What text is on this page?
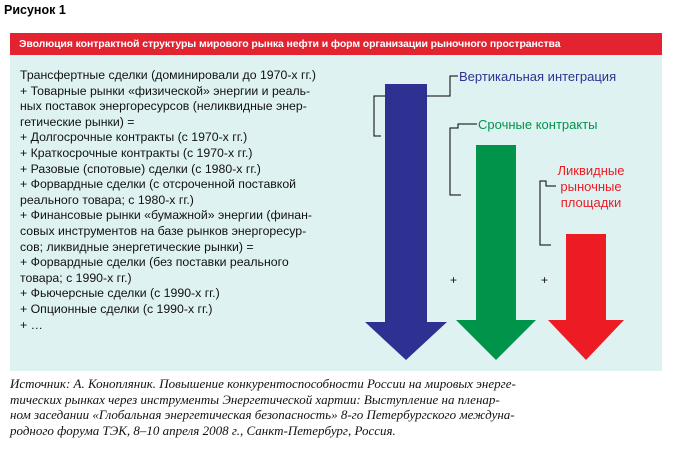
Рисунок 1
Эволюция контрактной структуры мирового рынка нефти и форм организации рыночного пространства
Трансфертные сделки (доминировали до 1970-х гг.)
+ Товарные рынки «физической» энергии и реаль-
ных поставок энергоресурсов (неликвидные энер-
гетические рынки) =
+ Долгосрочные контракты (с 1970-х гг.)
+ Краткосрочные контракты (с 1970-х гг.)
+ Разовые (спотовые) сделки (с 1980-х гг.)
+ Форвардные сделки (с отсроченной поставкой
реального товара; с 1980-х гг.)
+ Финансовые рынки «бумажной» энергии (финан-
совых инструментов на базе рынков энергоресур-
сов; ликвидные энергетические рынки) =
+ Форвардные сделки (без поставки реального
товара; с 1990-х гг.)
+ Фьючерсные сделки (с 1990-х гг.)
+ Опционные сделки (с 1990-х гг.)
+ …
Вертикальная интеграция
Срочные контракты
Ликвидные
рыночные
площадки
+	+
Источник: А. Конопляник. Повышение конкурентоспособности России на мировых энерге-
тических рынках через инструменты Энергетической хартии: Выступление на пленар-
ном заседании «Глобальная энергетическая безопасность» 8-го Петербургского междуна-
родного форума ТЭК, 8–10 апреля 2008 г., Санкт-Петербург, Россия.
